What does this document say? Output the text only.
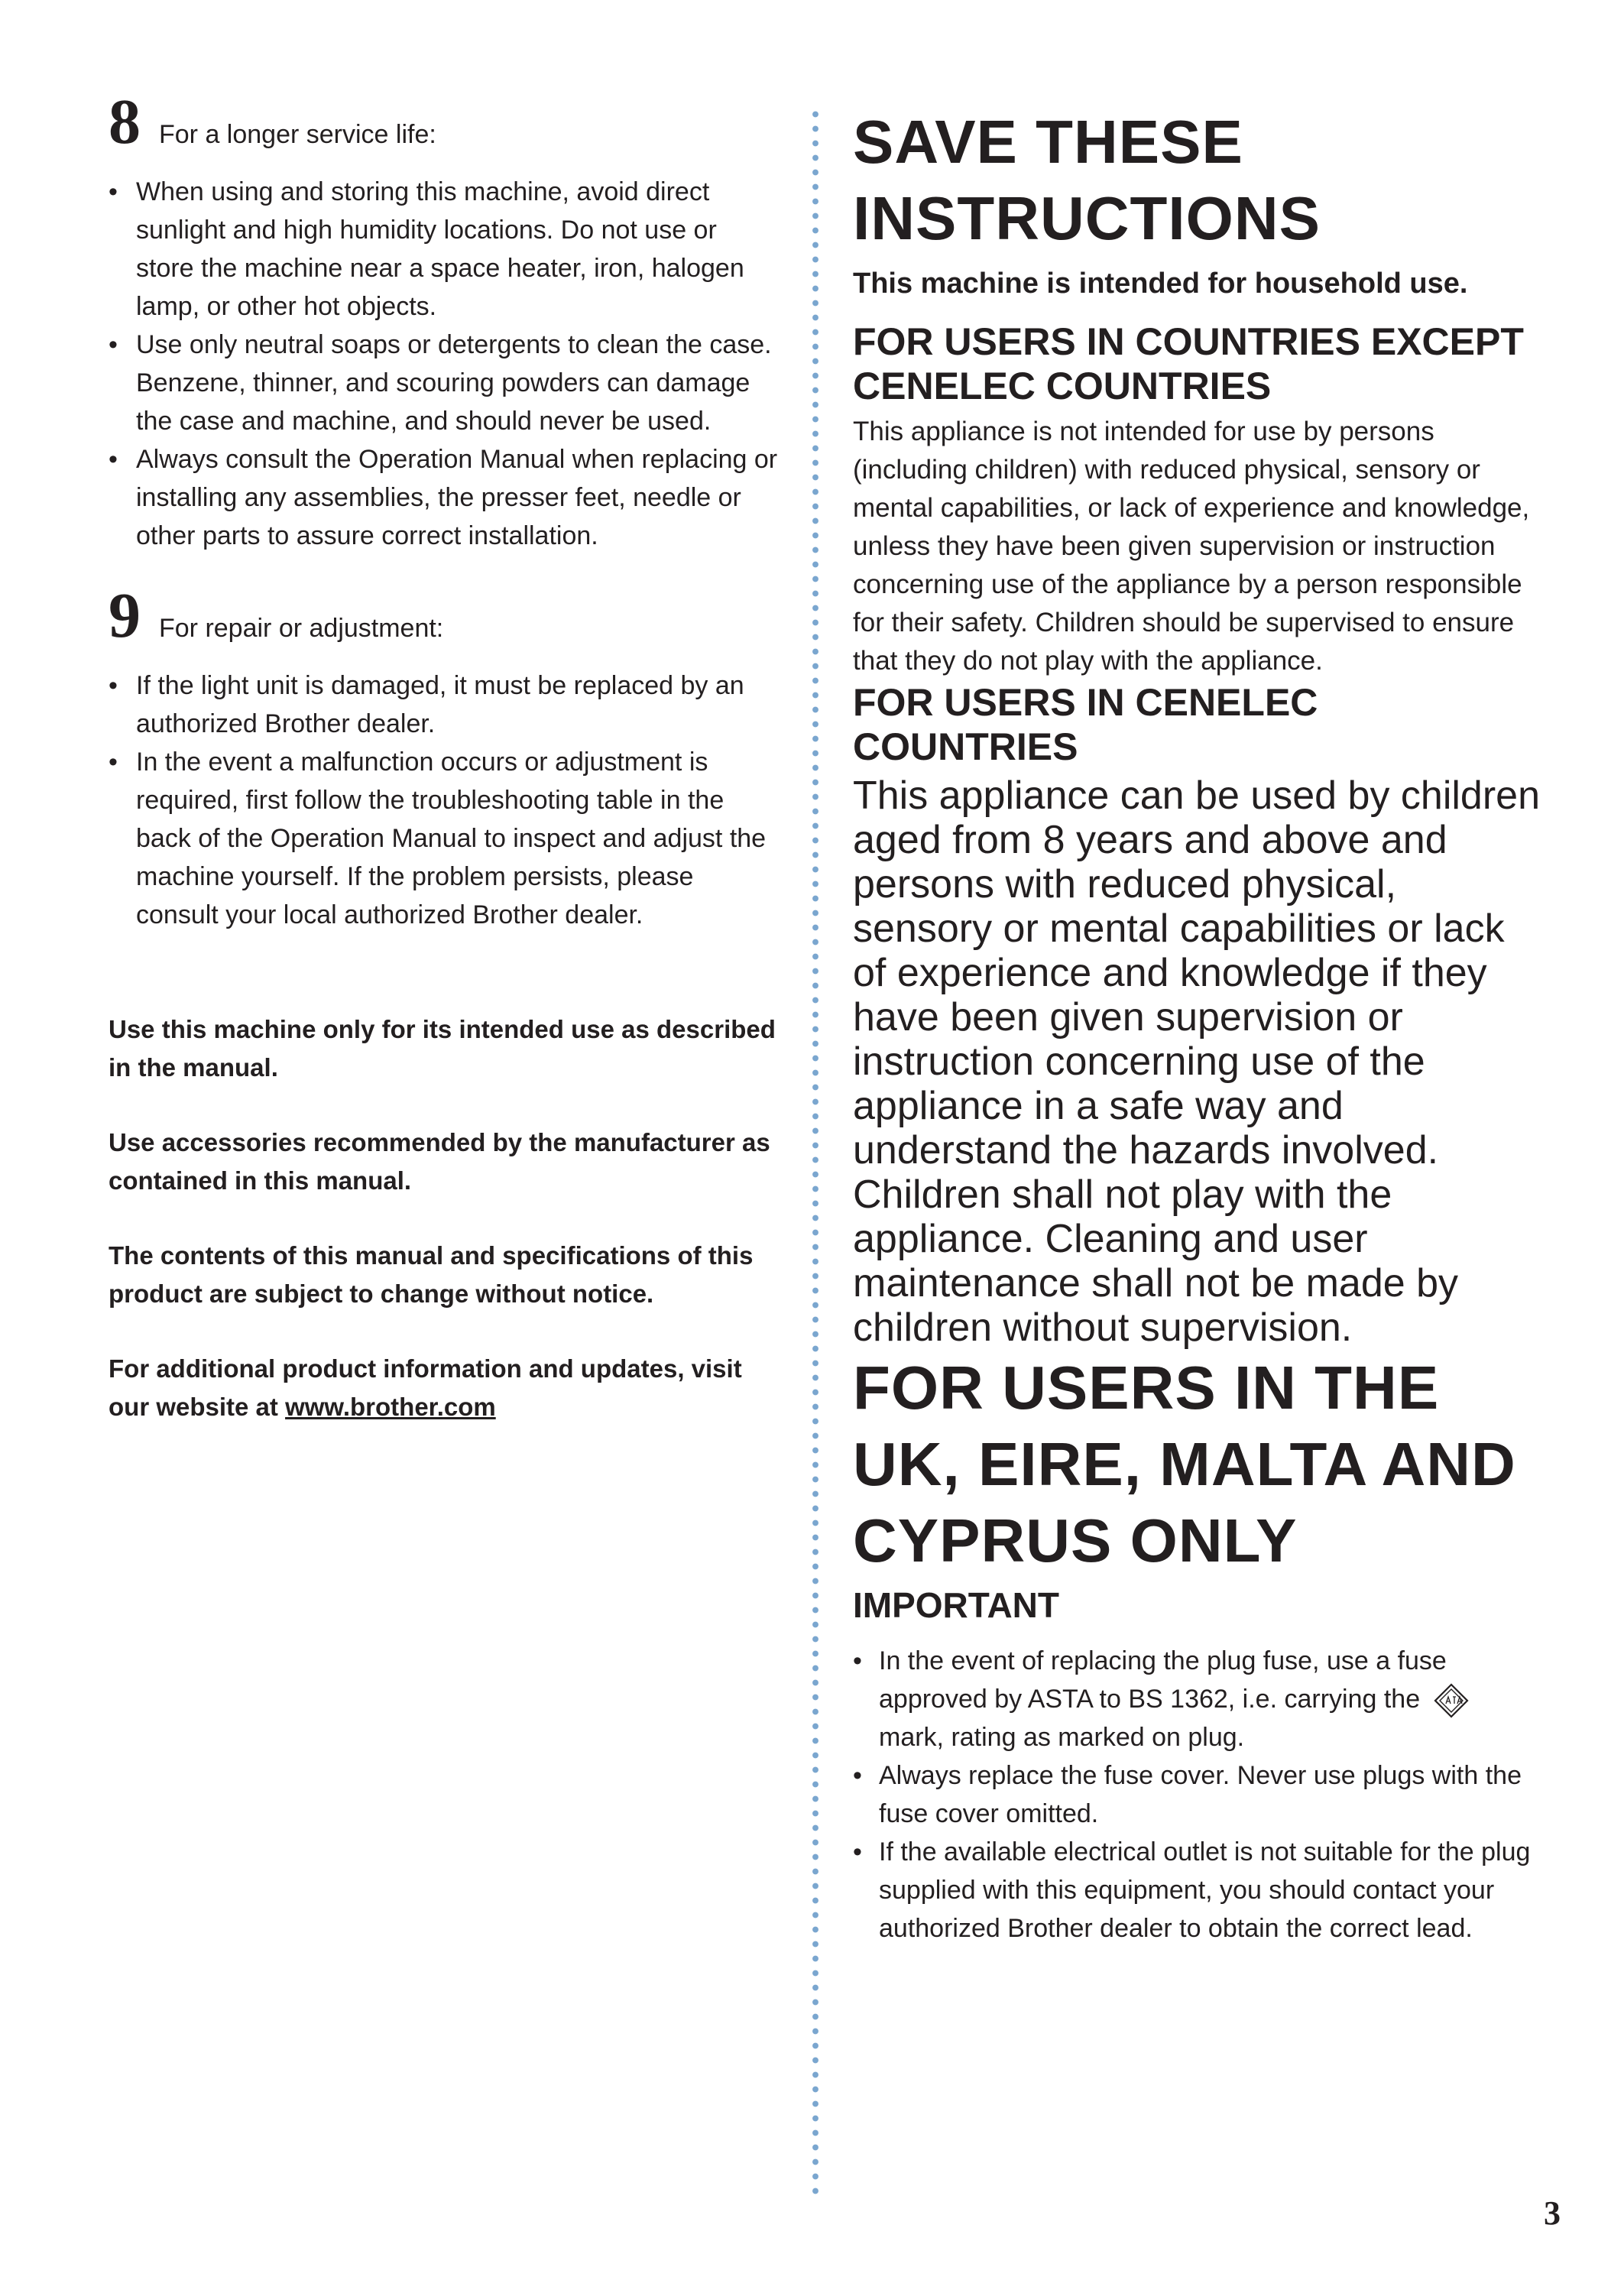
8 For a longer service life:
• When using and storing this machine, avoid direct sunlight and high humidity locations. Do not use or store the machine near a space heater, iron, halogen lamp, or other hot objects.
• Use only neutral soaps or detergents to clean the case. Benzene, thinner, and scouring powders can damage the case and machine, and should never be used.
• Always consult the Operation Manual when replacing or installing any assemblies, the presser feet, needle or other parts to assure correct installation.
9 For repair or adjustment:
• If the light unit is damaged, it must be replaced by an authorized Brother dealer.
• In the event a malfunction occurs or adjustment is required, first follow the troubleshooting table in the back of the Operation Manual to inspect and adjust the machine yourself. If the problem persists, please consult your local authorized Brother dealer.

Use this machine only for its intended use as described in the manual.

Use accessories recommended by the manufacturer as contained in this manual.

The contents of this manual and specifications of this product are subject to change without notice.

For additional product information and updates, visit our website at www.brother.com

SAVE THESE INSTRUCTIONS

This machine is intended for household use.

FOR USERS IN COUNTRIES EXCEPT CENELEC COUNTRIES

This appliance is not intended for use by persons (including children) with reduced physical, sensory or mental capabilities, or lack of experience and knowledge, unless they have been given supervision or instruction concerning use of the appliance by a person responsible for their safety. Children should be supervised to ensure that they do not play with the appliance.

FOR USERS IN CENELEC COUNTRIES

This appliance can be used by children aged from 8 years and above and persons with reduced physical, sensory or mental capabilities or lack of experience and knowledge if they have been given supervision or instruction concerning use of the appliance in a safe way and understand the hazards involved. Children shall not play with the appliance. Cleaning and user maintenance shall not be made by children without supervision.

FOR USERS IN THE UK, EIRE, MALTA AND CYPRUS ONLY

IMPORTANT

• In the event of replacing the plug fuse, use a fuse approved by ASTA to BS 1362, i.e. carrying the  mark, rating as marked on plug.
• Always replace the fuse cover. Never use plugs with the fuse cover omitted.
• If the available electrical outlet is not suitable for the plug supplied with this equipment, you should contact your authorized Brother dealer to obtain the correct lead.
3
